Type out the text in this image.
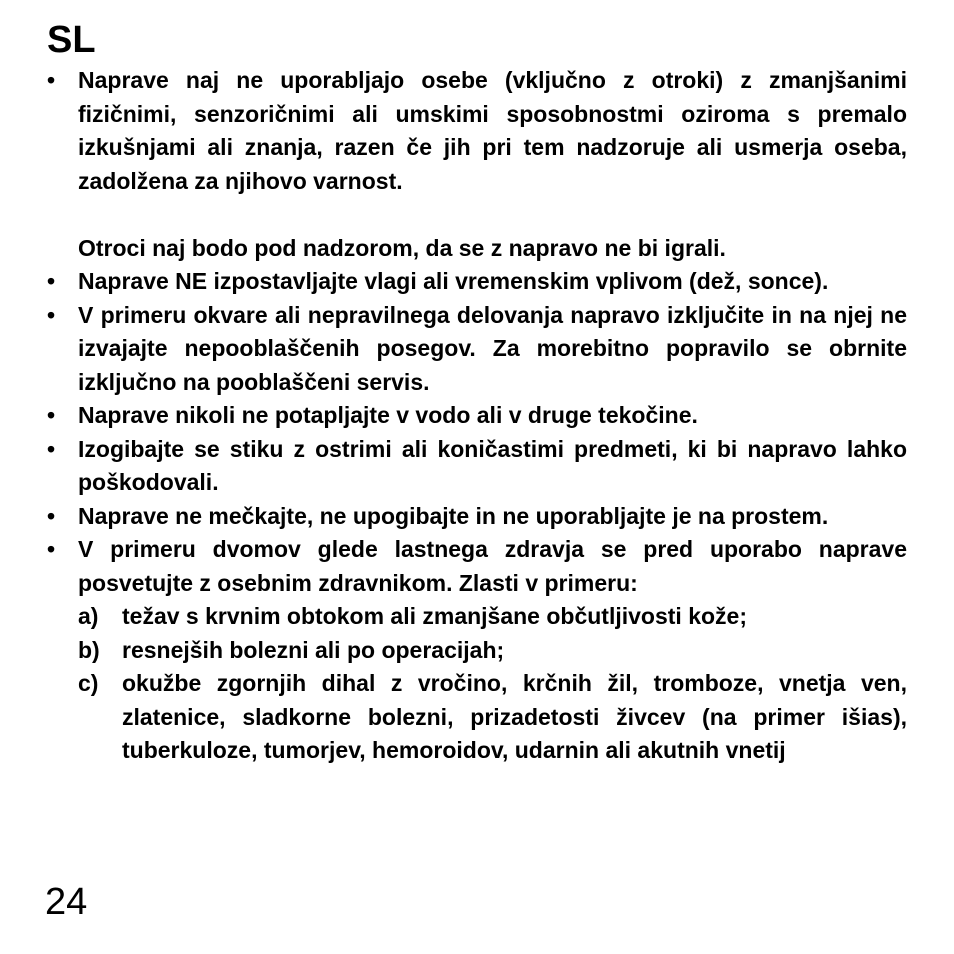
SL

• Naprave naj ne uporabljajo osebe (vključno z otroki) z zmanjšanimi fizičnimi, senzoričnimi ali umskimi sposobnostmi oziroma s premalo izkušnjami ali znanja, razen če jih pri tem nadzoruje ali usmerja oseba, zadolžena za njihovo varnost.

Otroci naj bodo pod nadzorom, da se z napravo ne bi igrali.

• Naprave NE izpostavljajte vlagi ali vremenskim vplivom (dež, sonce).

• V primeru okvare ali nepravilnega delovanja napravo izključite in na njej ne izvajajte nepooblaščenih posegov. Za morebitno popravilo se obrnite izključno na pooblaščeni servis.

• Naprave nikoli ne potapljajte v vodo ali v druge tekočine.

• Izogibajte se stiku z ostrimi ali koničastimi predmeti, ki bi napravo lahko poškodovali.

• Naprave ne mečkajte, ne upogibajte in ne uporabljajte je na prostem.

• V primeru dvomov glede lastnega zdravja se pred uporabo naprave posvetujte z osebnim zdravnikom. Zlasti v primeru:

a)	težav s krvnim obtokom ali zmanjšane občutljivosti kože;

b) resnejših bolezni ali po operacijah;

c)	okužbe zgornjih dihal z vročino, krčnih žil, tromboze, vnetja ven, zlatenice, sladkorne bolezni, prizadetosti živcev (na primer išias), tuberkuloze, tumorjev, hemoroidov, udarnin ali akutnih vnetij

24
